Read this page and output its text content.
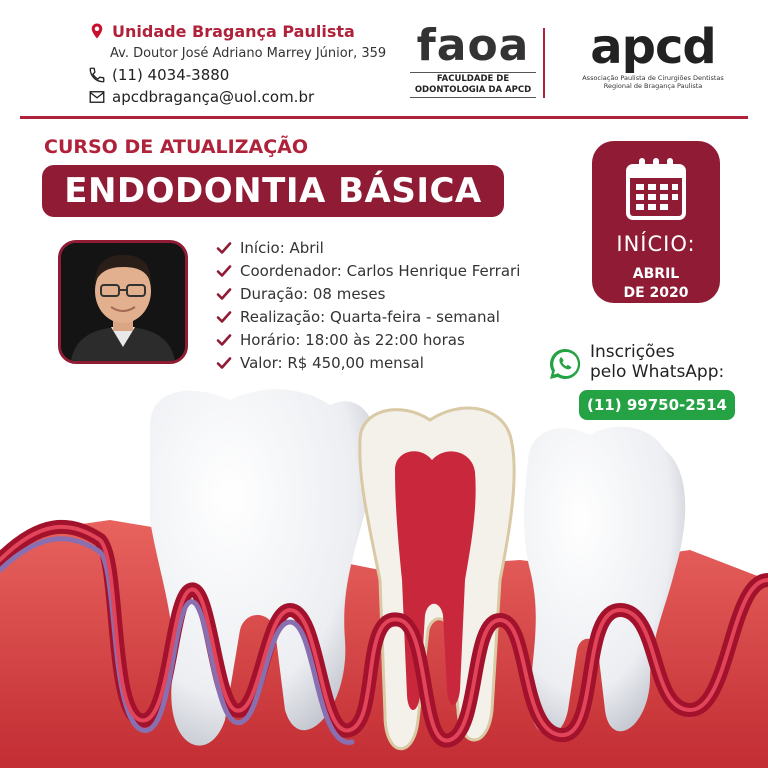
Unidade Bragança Paulista
Av. Doutor José Adriano Marrey Júnior, 359
(11) 4034-3880
apcdbragança@uol.com.br
faoa
FACULDADE DE
ODONTOLOGIA DA APCD
apcd
Associação Paulista de Cirurgiões Dentistas
Regional de Bragança Paulista
CURSO DE ATUALIZAÇÃO
ENDODONTIA BÁSICA
Início: Abril
Coordenador: Carlos Henrique Ferrari
Duração: 08 meses
Realização: Quarta-feira - semanal
Horário: 18:00 às 22:00 horas
Valor: R$ 450,00 mensal
INÍCIO:
ABRIL
DE 2020
Inscrições
pelo WhatsApp:
(11) 99750-2514
